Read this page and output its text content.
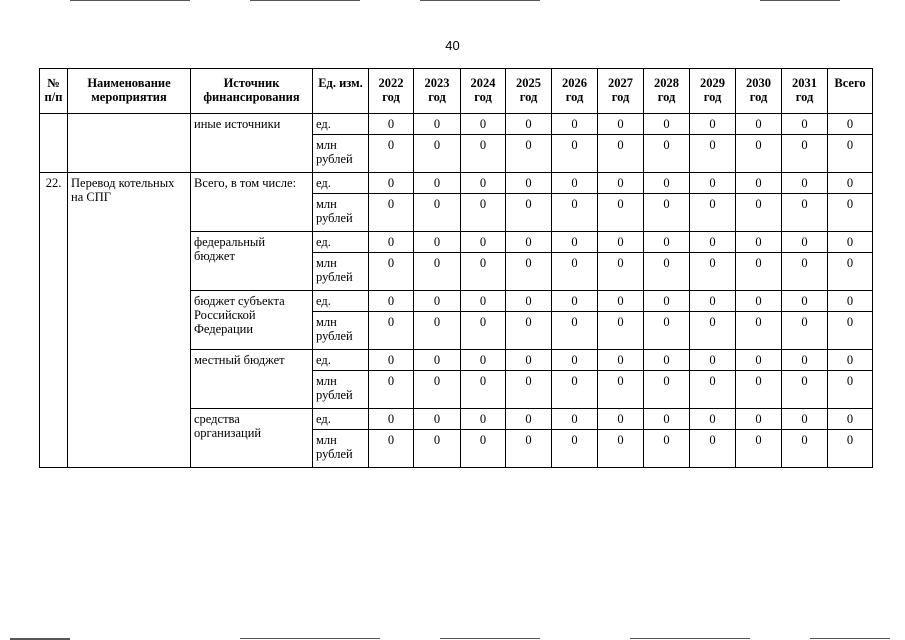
40
№ п/п	Наименование мероприятия	Источник финансирования	Ед. изм.	2022 год	2023 год	2024 год	2025 год	2026 год	2027 год	2028 год	2029 год	2030 год	2031 год	Всего
		иные источники	ед.	0	0	0	0	0	0	0	0	0	0	0
			млн рублей	0	0	0	0	0	0	0	0	0	0	0
22.	Перевод котельных на СПГ	Всего, в том числе:	ед.	0	0	0	0	0	0	0	0	0	0	0
			млн рублей	0	0	0	0	0	0	0	0	0	0	0
		федеральный бюджет	ед.	0	0	0	0	0	0	0	0	0	0	0
			млн рублей	0	0	0	0	0	0	0	0	0	0	0
		бюджет субъекта Российской Федерации	ед.	0	0	0	0	0	0	0	0	0	0	0
			млн рублей	0	0	0	0	0	0	0	0	0	0	0
		местный бюджет	ед.	0	0	0	0	0	0	0	0	0	0	0
			млн рублей	0	0	0	0	0	0	0	0	0	0	0
		средства организаций	ед.	0	0	0	0	0	0	0	0	0	0	0
			млн рублей	0	0	0	0	0	0	0	0	0	0	0
